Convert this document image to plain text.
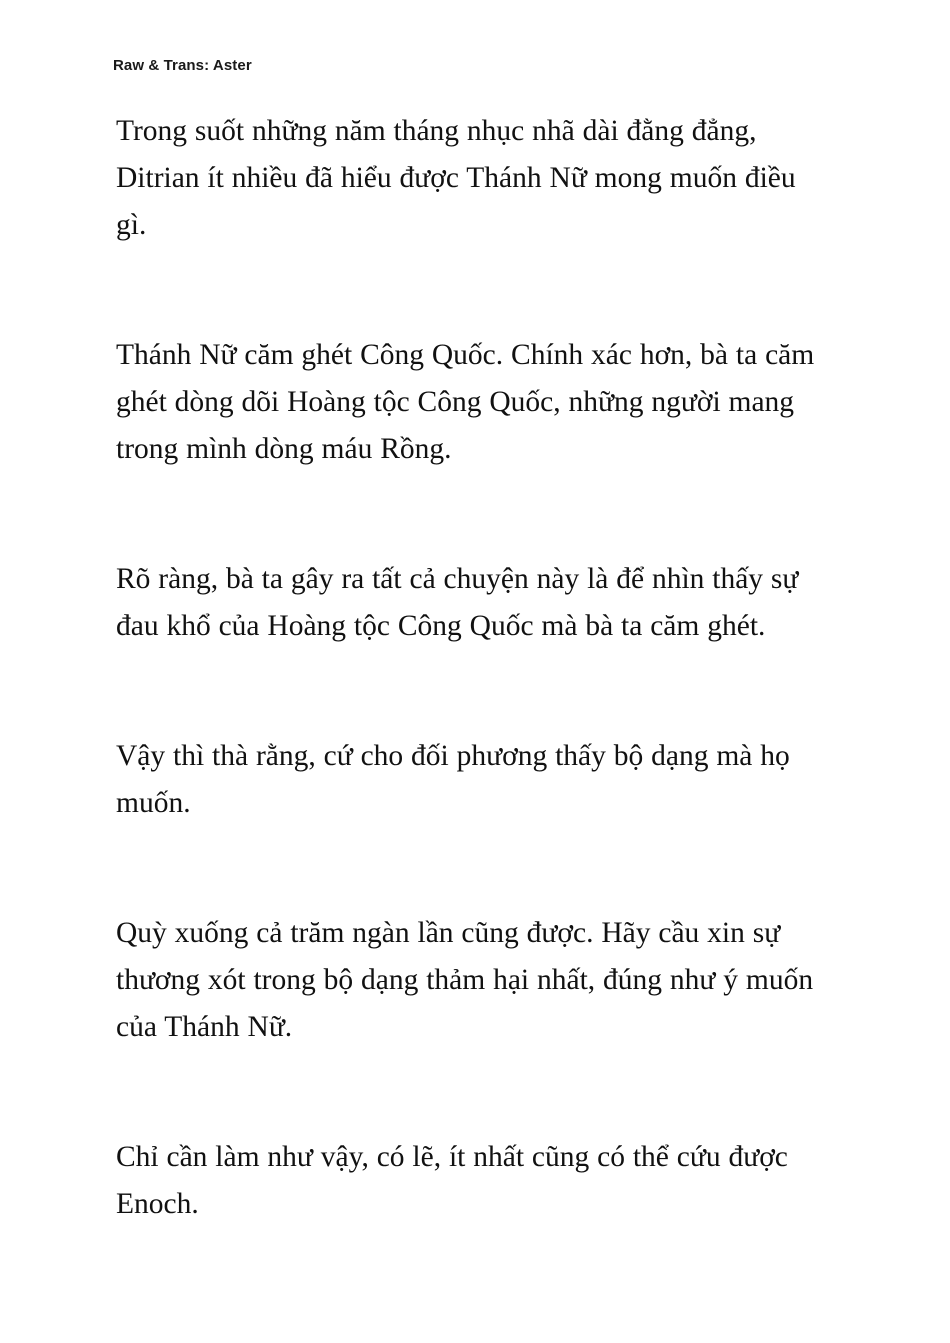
Raw & Trans: Aster

Trong suốt những năm tháng nhục nhã dài đằng đẳng, Ditrian ít nhiều đã hiểu được Thánh Nữ mong muốn điều gì.

Thánh Nữ căm ghét Công Quốc. Chính xác hơn, bà ta căm ghét dòng dõi Hoàng tộc Công Quốc, những người mang trong mình dòng máu Rồng.

Rõ ràng, bà ta gây ra tất cả chuyện này là để nhìn thấy sự đau khổ của Hoàng tộc Công Quốc mà bà ta căm ghét.

Vậy thì thà rằng, cứ cho đối phương thấy bộ dạng mà họ muốn.

Quỳ xuống cả trăm ngàn lần cũng được. Hãy cầu xin sự thương xót trong bộ dạng thảm hại nhất, đúng như ý muốn của Thánh Nữ.

Chỉ cần làm như vậy, có lẽ, ít nhất cũng có thể cứu được Enoch.
